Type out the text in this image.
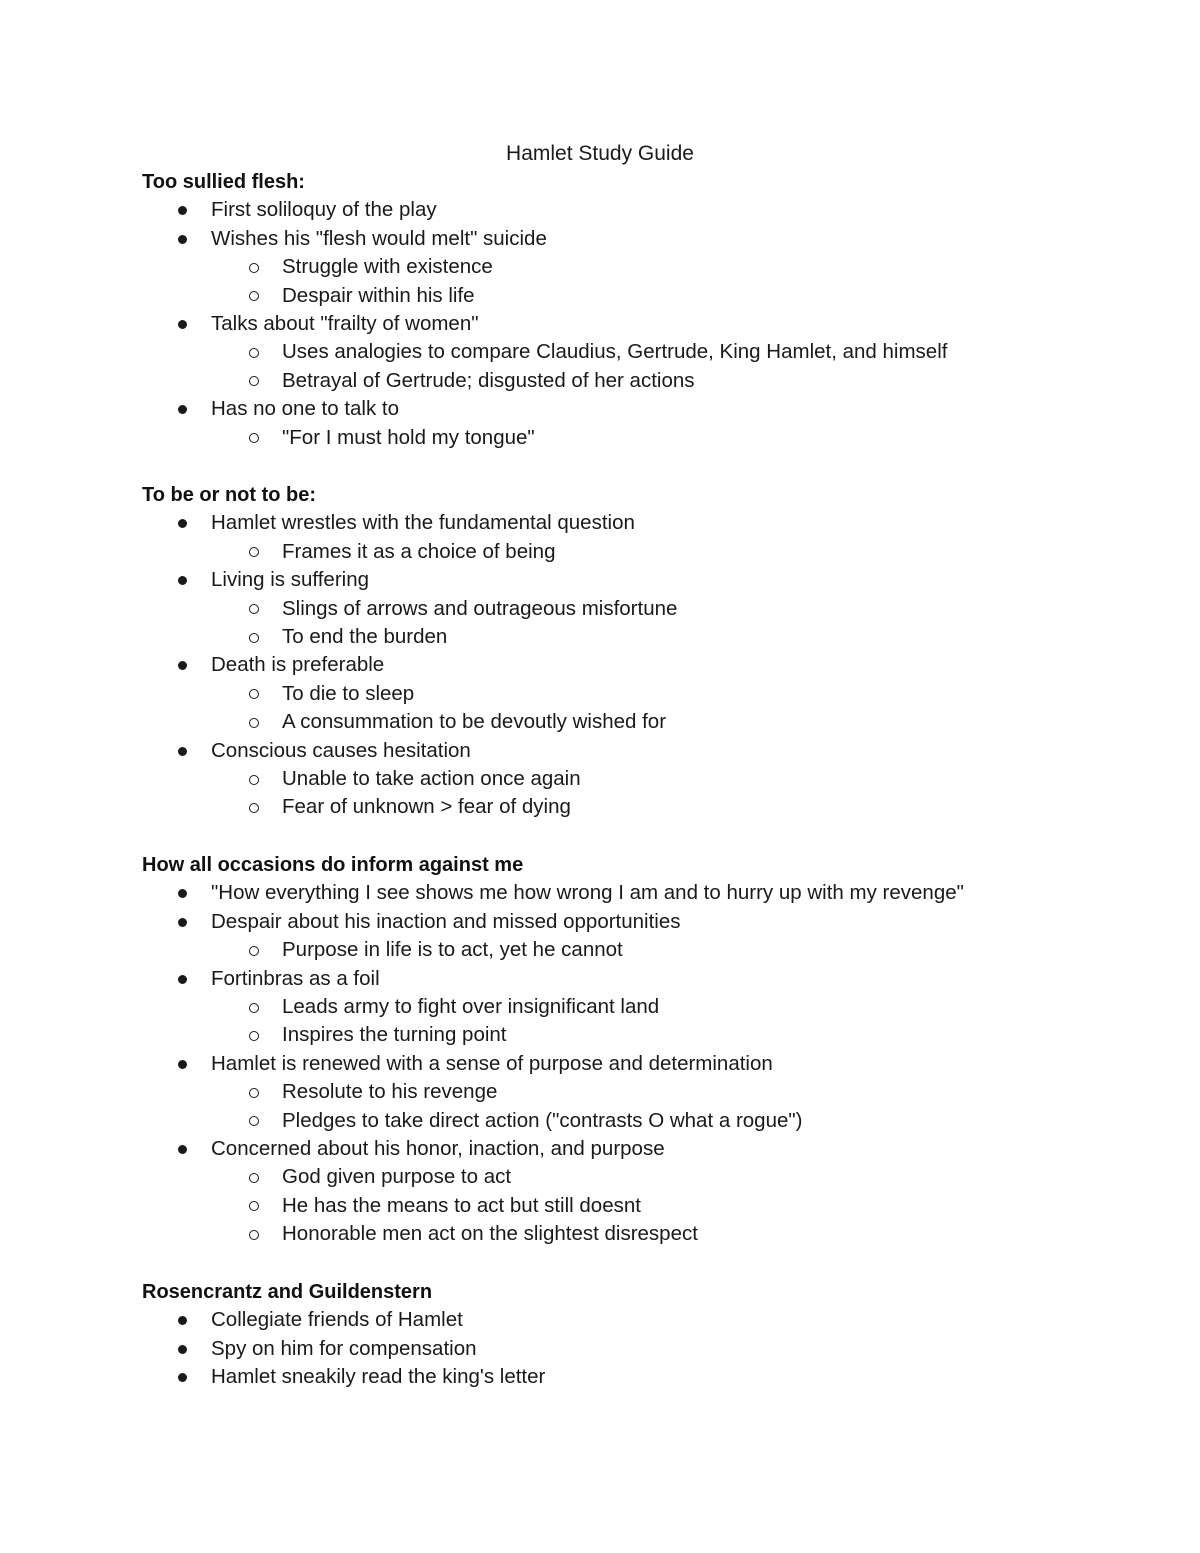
Hamlet Study Guide
Too sullied flesh:
First soliloquy of the play
Wishes his "flesh would melt" suicide
Struggle with existence
Despair within his life
Talks about "frailty of women"
Uses analogies to compare Claudius, Gertrude, King Hamlet, and himself
Betrayal of Gertrude; disgusted of her actions
Has no one to talk to
"For I must hold my tongue"
To be or not to be:
Hamlet wrestles with the fundamental question
Frames it as a choice of being
Living is suffering
Slings of arrows and outrageous misfortune
To end the burden
Death is preferable
To die to sleep
A consummation to be devoutly wished for
Conscious causes hesitation
Unable to take action once again
Fear of unknown > fear of dying
How all occasions do inform against me
"How everything I see shows me how wrong I am and to hurry up with my revenge"
Despair about his inaction and missed opportunities
Purpose in life is to act, yet he cannot
Fortinbras as a foil
Leads army to fight over insignificant land
Inspires the turning point
Hamlet is renewed with a sense of purpose and determination
Resolute to his revenge
Pledges to take direct action ("contrasts O what a rogue")
Concerned about his honor, inaction, and purpose
God given purpose to act
He has the means to act but still doesnt
Honorable men act on the slightest disrespect
Rosencrantz and Guildenstern
Collegiate friends of Hamlet
Spy on him for compensation
Hamlet sneakily read the king's letter
